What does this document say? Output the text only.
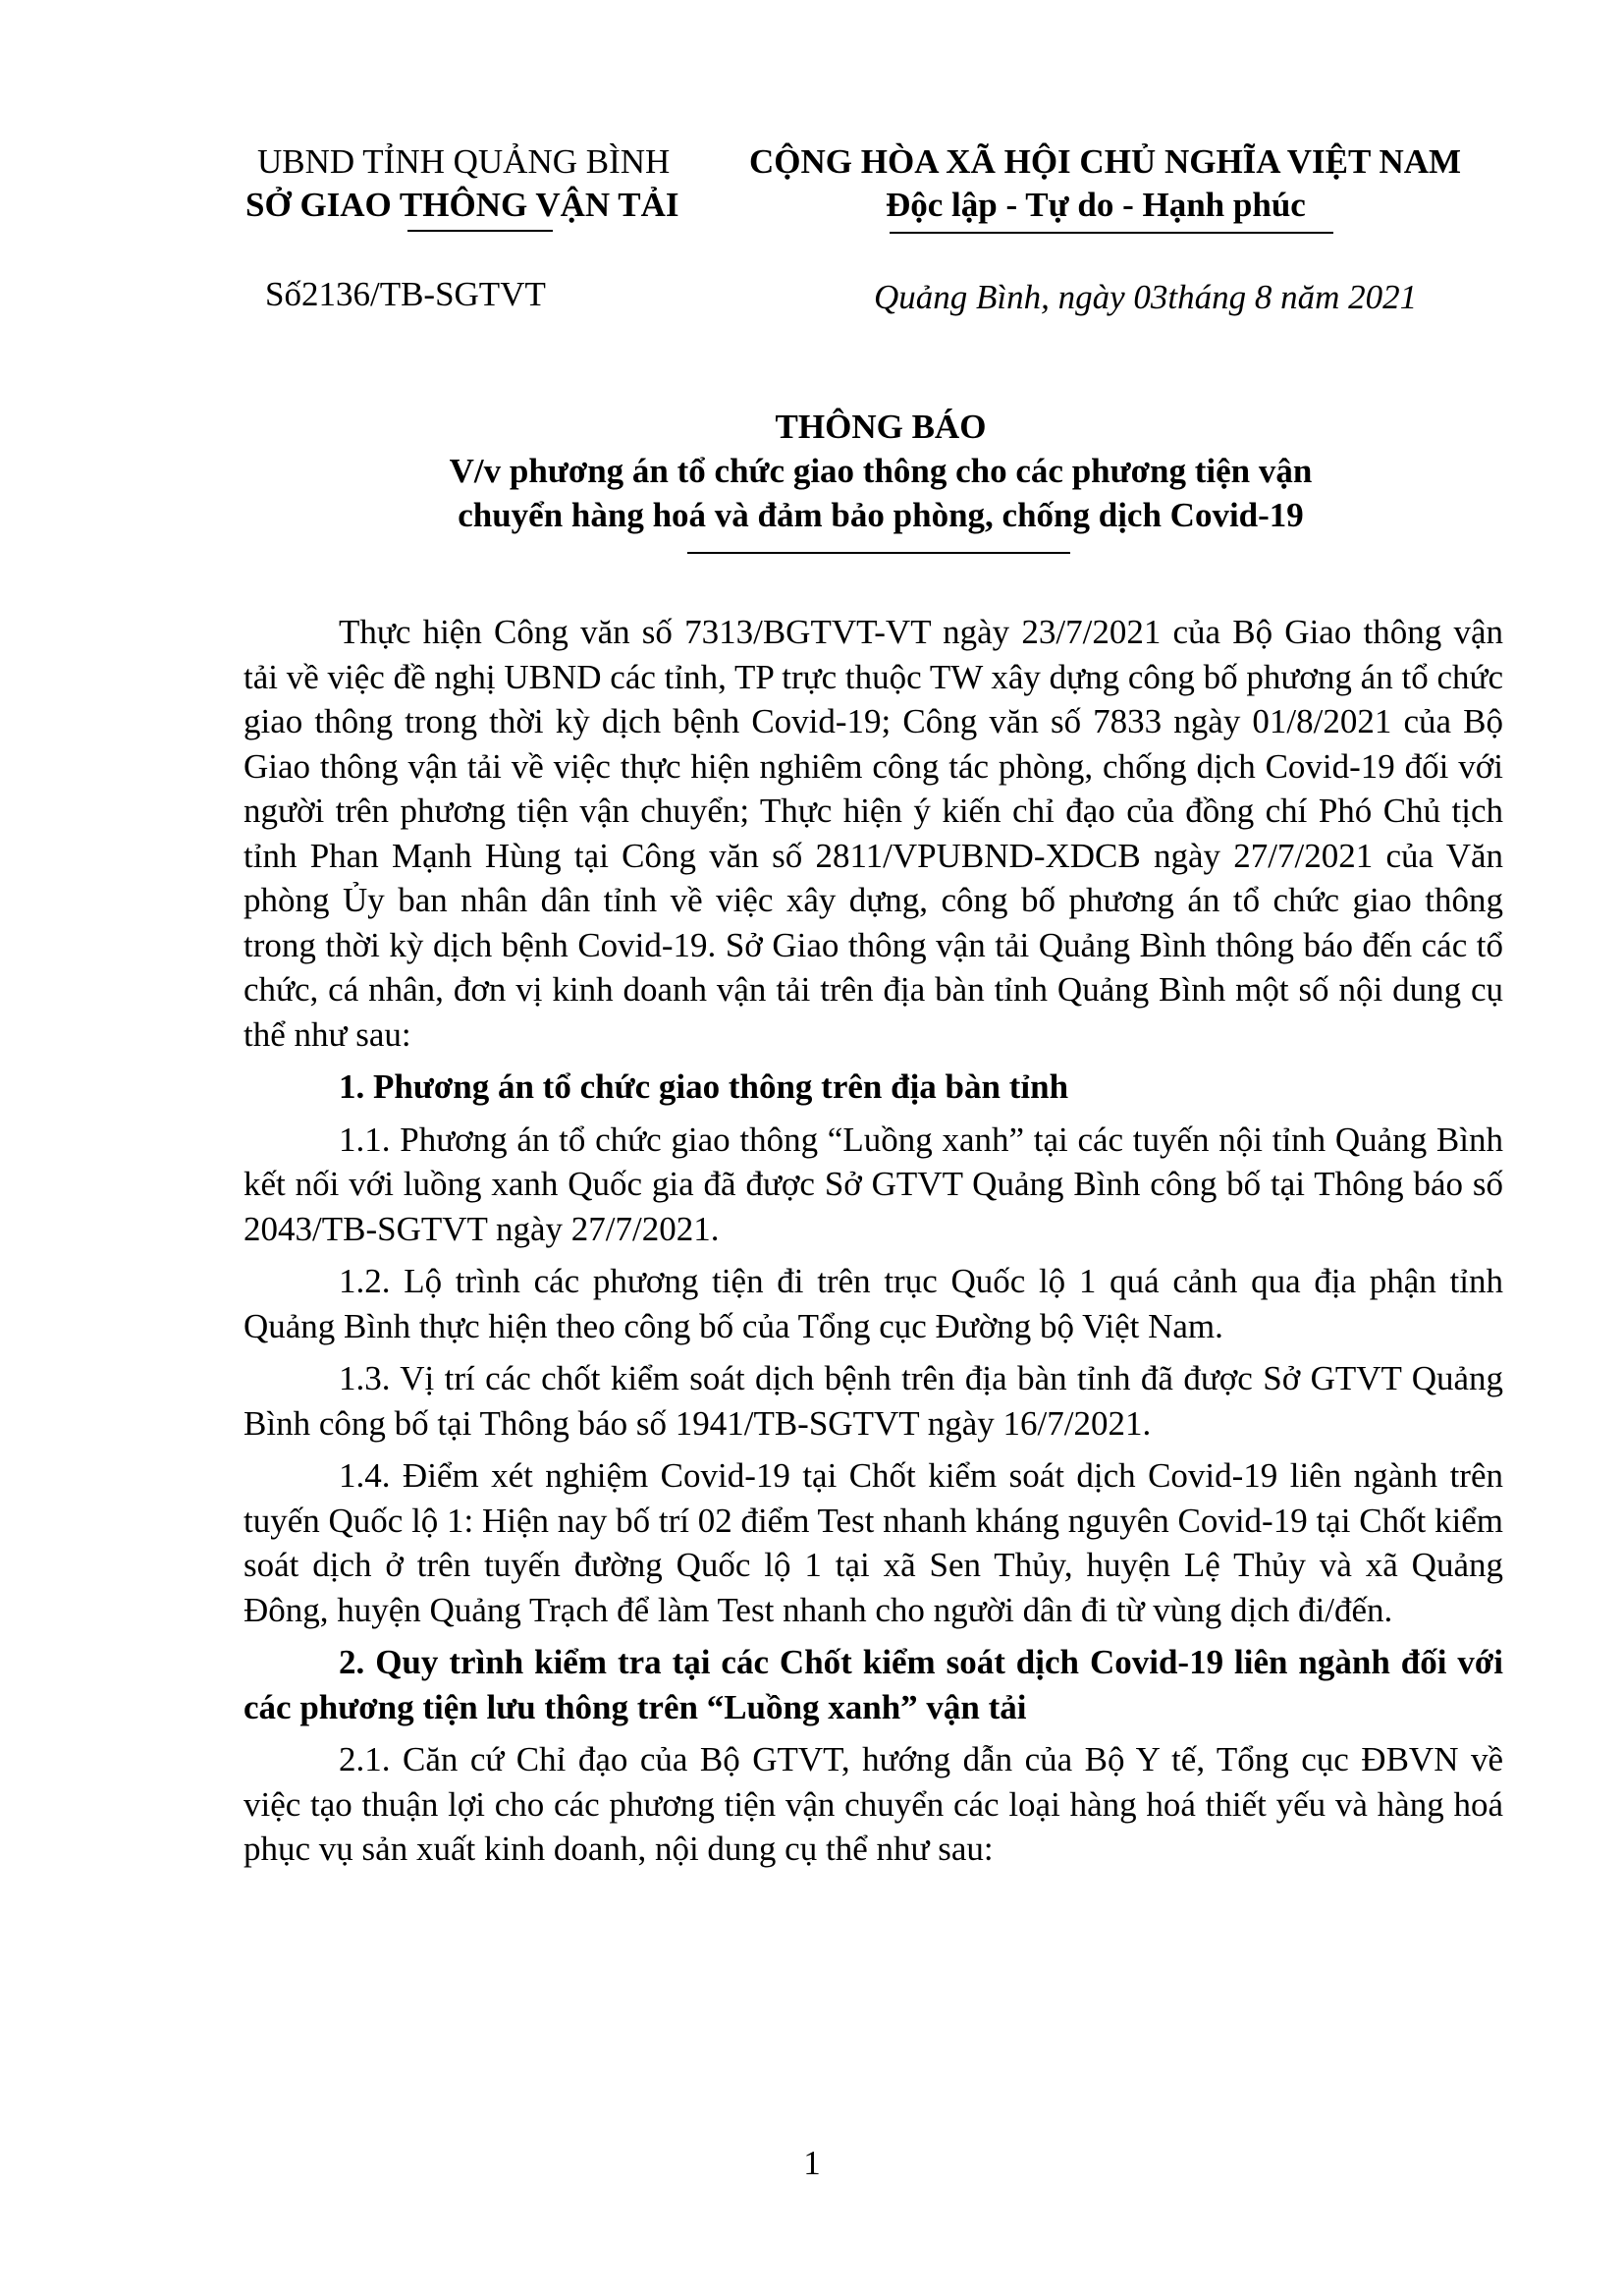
UBND TỈNH QUẢNG BÌNH
SỞ GIAO THÔNG VẬN TẢI
CỘNG HÒA XÃ HỘI CHỦ NGHĨA VIỆT NAM
Độc lập - Tự do - Hạnh phúc
Số2136/TB-SGTVT	Quảng Bình, ngày 03tháng 8 năm 2021
THÔNG BÁO
V/v phương án tổ chức giao thông cho các phương tiện vận
chuyển hàng hoá và đảm bảo phòng, chống dịch Covid-19

Thực hiện Công văn số 7313/BGTVT-VT ngày 23/7/2021 của Bộ Giao thông vận tải về việc đề nghị UBND các tỉnh, TP trực thuộc TW xây dựng công bố phương án tổ chức giao thông trong thời kỳ dịch bệnh Covid-19; Công văn số 7833 ngày 01/8/2021 của Bộ Giao thông vận tải về việc thực hiện nghiêm công tác phòng, chống dịch Covid-19 đối với người trên phương tiện vận chuyển; Thực hiện ý kiến chỉ đạo của đồng chí Phó Chủ tịch tỉnh Phan Mạnh Hùng tại Công văn số 2811/VPUBND-XDCB ngày 27/7/2021 của Văn phòng Ủy ban nhân dân tỉnh về việc xây dựng, công bố phương án tổ chức giao thông trong thời kỳ dịch bệnh Covid-19. Sở Giao thông vận tải Quảng Bình thông báo đến các tổ chức, cá nhân, đơn vị kinh doanh vận tải trên địa bàn tỉnh Quảng Bình một số nội dung cụ thể như sau:

1. Phương án tổ chức giao thông trên địa bàn tỉnh

1.1. Phương án tổ chức giao thông “Luồng xanh” tại các tuyến nội tỉnh Quảng Bình kết nối với luồng xanh Quốc gia đã được Sở GTVT Quảng Bình công bố tại Thông báo số 2043/TB-SGTVT ngày 27/7/2021.

1.2. Lộ trình các phương tiện đi trên trục Quốc lộ 1 quá cảnh qua địa phận tỉnh Quảng Bình thực hiện theo công bố của Tổng cục Đường bộ Việt Nam.

1.3. Vị trí các chốt kiểm soát dịch bệnh trên địa bàn tỉnh đã được Sở GTVT Quảng Bình công bố tại Thông báo số 1941/TB-SGTVT ngày 16/7/2021.

1.4. Điểm xét nghiệm Covid-19 tại Chốt kiểm soát dịch Covid-19 liên ngành trên tuyến Quốc lộ 1: Hiện nay bố trí 02 điểm Test nhanh kháng nguyên Covid-19 tại Chốt kiểm soát dịch ở trên tuyến đường Quốc lộ 1 tại xã Sen Thủy, huyện Lệ Thủy và xã Quảng Đông, huyện Quảng Trạch để làm Test nhanh cho người dân đi từ vùng dịch đi/đến.

2. Quy trình kiểm tra tại các Chốt kiểm soát dịch Covid-19 liên ngành đối với các phương tiện lưu thông trên “Luồng xanh” vận tải

2.1. Căn cứ Chỉ đạo của Bộ GTVT, hướng dẫn của Bộ Y tế, Tổng cục ĐBVN về việc tạo thuận lợi cho các phương tiện vận chuyển các loại hàng hoá thiết yếu và hàng hoá phục vụ sản xuất kinh doanh, nội dung cụ thể như sau:

1
